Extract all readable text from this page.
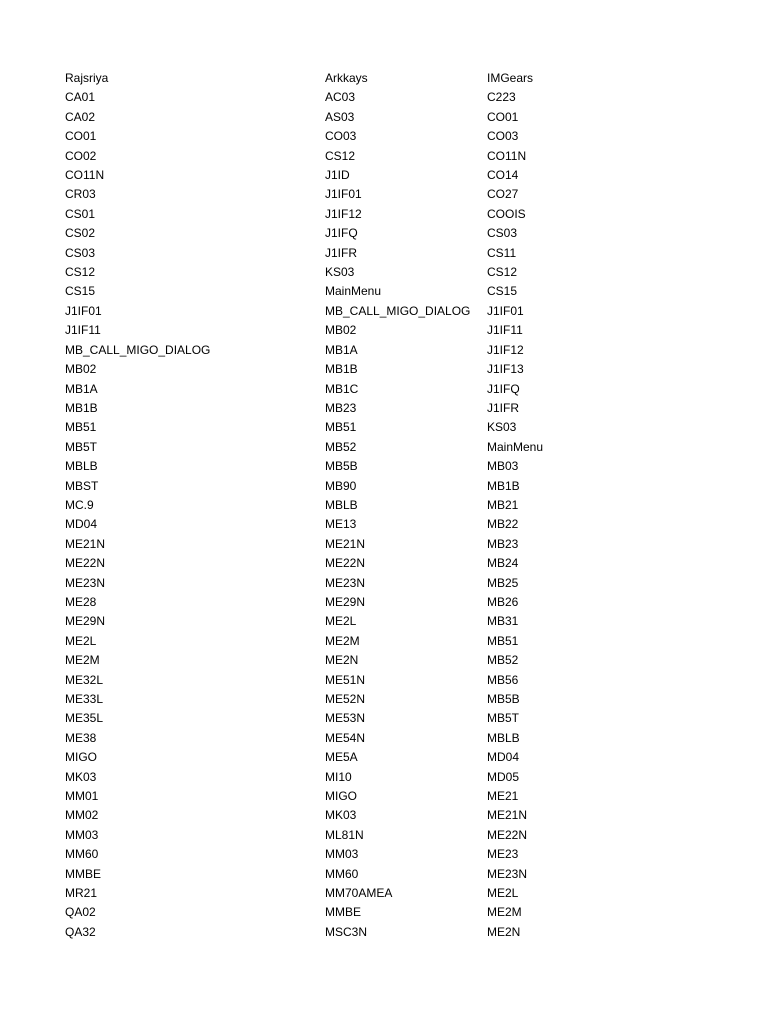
Rajsriya
CA01
CA02
CO01
CO02
CO11N
CR03
CS01
CS02
CS03
CS12
CS15
J1IF01
J1IF11
MB_CALL_MIGO_DIALOG
MB02
MB1A
MB1B
MB51
MB5T
MBLB
MBST
MC.9
MD04
ME21N
ME22N
ME23N
ME28
ME29N
ME2L
ME2M
ME32L
ME33L
ME35L
ME38
MIGO
MK03
MM01
MM02
MM03
MM60
MMBE
MR21
QA02
QA32
Arkkays
AC03
AS03
CO03
CS12
J1ID
J1IF01
J1IF12
J1IFQ
J1IFR
KS03
MainMenu
MB_CALL_MIGO_DIALOG
MB02
MB1A
MB1B
MB1C
MB23
MB51
MB52
MB5B
MB90
MBLB
ME13
ME21N
ME22N
ME23N
ME29N
ME2L
ME2M
ME2N
ME51N
ME52N
ME53N
ME54N
ME5A
MI10
MIGO
MK03
ML81N
MM03
MM60
MM70AMEA
MMBE
MSC3N
IMGears
C223
CO01
CO03
CO11N
CO14
CO27
COOIS
CS03
CS11
CS12
CS15
J1IF01
J1IF11
J1IF12
J1IF13
J1IFQ
J1IFR
KS03
MainMenu
MB03
MB1B
MB21
MB22
MB23
MB24
MB25
MB26
MB31
MB51
MB52
MB56
MB5B
MB5T
MBLB
MD04
MD05
ME21
ME21N
ME22N
ME23
ME23N
ME2L
ME2M
ME2N
